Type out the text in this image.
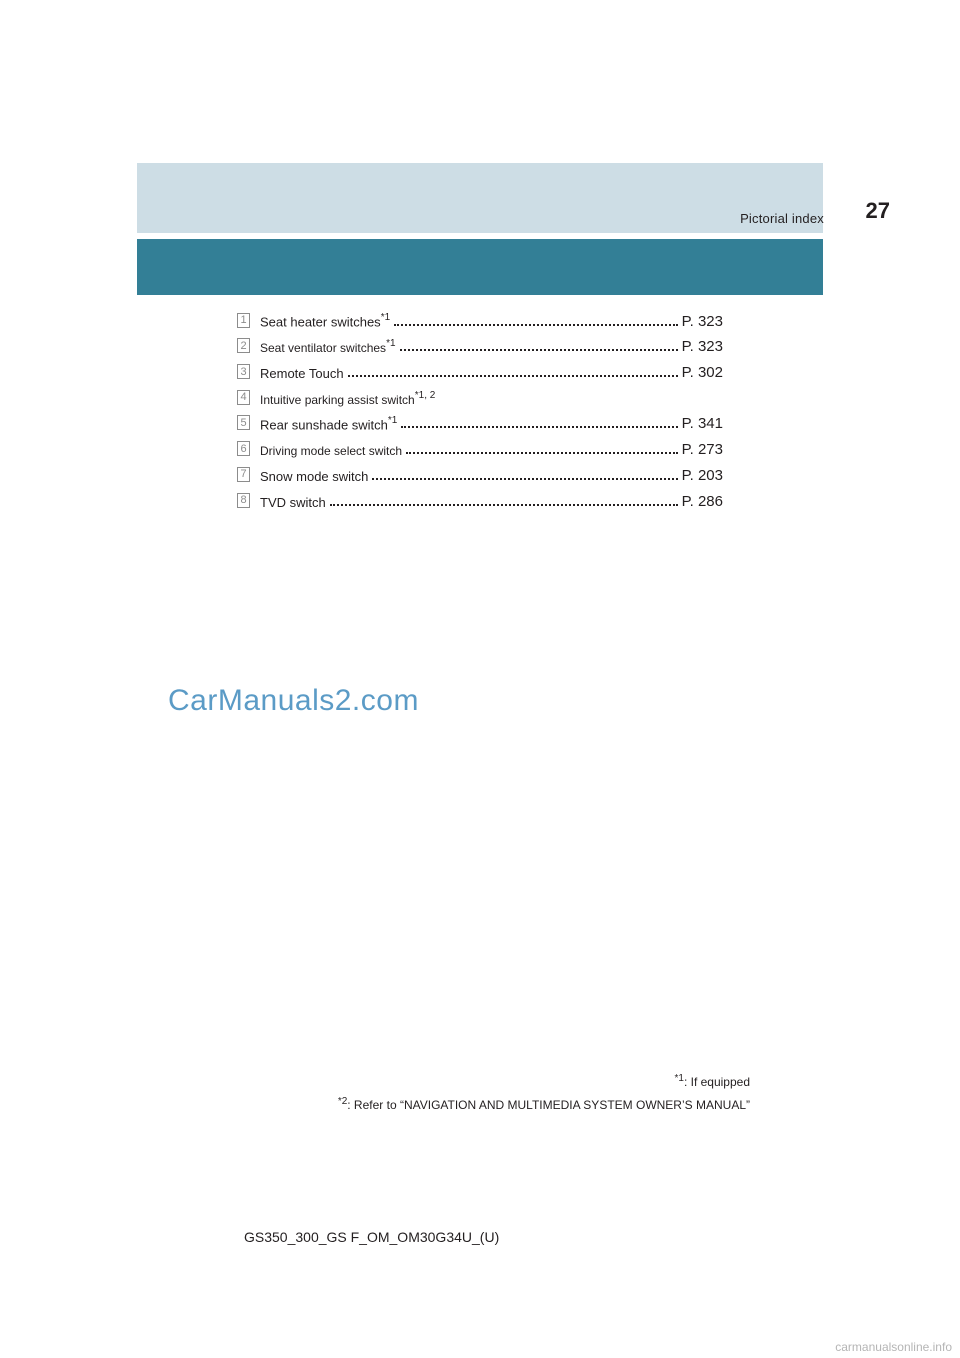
Pictorial index 27
1 Seat heater switches$^{*1}$	P. 323
2 Seat ventilator switches$^{*1}$	P. 323
3 Remote Touch	P. 302
4 Intuitive parking assist switch$^{*1, 2}$
5 Rear sunshade switch$^{*1}$	P. 341
6 Driving mode select switch	P. 273
7 Snow mode switch	P. 203
8 TVD switch	P. 286
CarManuals2.com
$^{*1}$: If equipped
$^{*2}$: Refer to “NAVIGATION AND MULTIMEDIA SYSTEM OWNER’S MANUAL”
GS350_300_GS F_OM_OM30G34U_(U)
carmanualsonline.info
